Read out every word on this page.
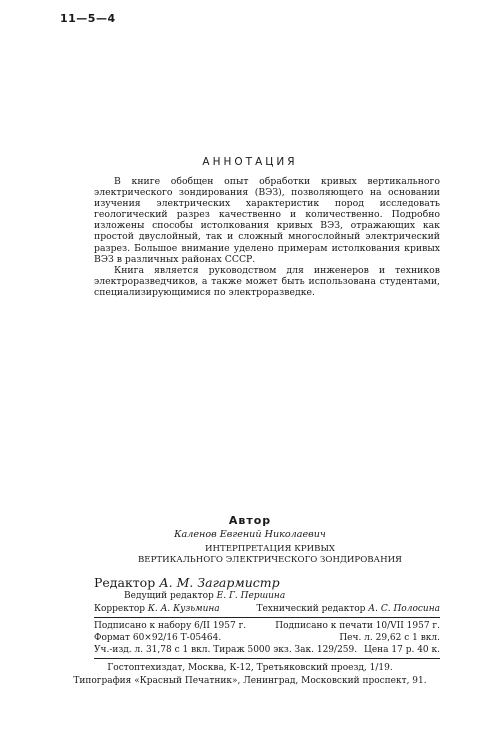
11—5—4
АННОТАЦИЯ

В книге обобщен опыт обработки кривых вертикального электрического зондирования (ВЭЗ), позволяющего на основании изучения электрических характеристик пород исследовать геологический разрез качественно и количественно. Подробно изложены способы истолкования кривых ВЭЗ, отражающих как простой двуслойный, так и сложный многослойный электрический разрез. Большое внимание уделено примерам истолкования кривых ВЭЗ в различных районах СССР.

Книга является руководством для инженеров и техников электроразведчиков, а также может быть использована студентами, специализирующимися по электроразведке.

Автор
Каленов Евгений Николаевич
ИНТЕРПРЕТАЦИЯ КРИВЫХ
ВЕРТИКАЛЬНОГО ЭЛЕКТРИЧЕСКОГО ЗОНДИРОВАНИЯ
Редактор А. М. Загармистр
Ведущий редактор Е. Г. Першина
Корректор К. А. Кузьмина	Технический редактор А. С. Полосина
Подписано к набору 6/II 1957 г.	Подписано к печати 10/VII 1957 г.
Формат 60×92/16 Т-05464.	Печ. л. 29,62 с 1 вкл.
Уч.-изд. л. 31,78 с 1 вкл. Тираж 5000 экз. Зак. 129/259. Цена 17 р. 40 к.
Гостоптехиздат, Москва, К-12, Третьяковский проезд, 1/19.
Типография «Красный Печатник», Ленинград, Московский проспект, 91.
